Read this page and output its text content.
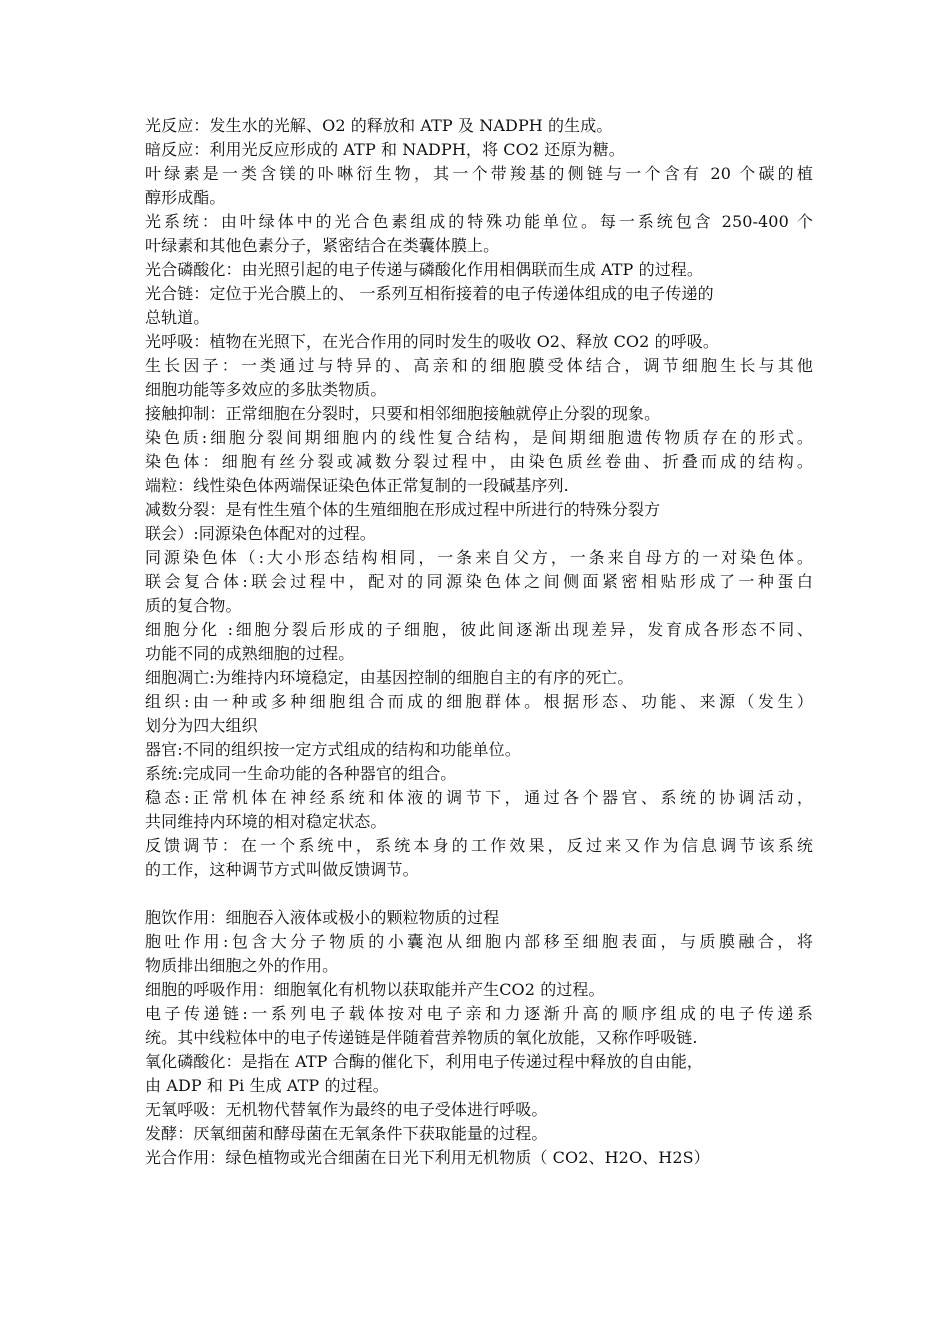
光反应：发生水的光解、O2 的释放和 ATP 及 NADPH 的生成。
暗反应：利用光反应形成的 ATP 和 NADPH，将 CO2 还原为糖。
叶绿素是一类含镁的卟啉衍生物，其一个带羧基的侧链与一个含有 20 个碳的植
醇形成酯。
光系统：由叶绿体中的光合色素组成的特殊功能单位。每一系统包含 250-400 个
叶绿素和其他色素分子，紧密结合在类囊体膜上。
光合磷酸化：由光照引起的电子传递与磷酸化作用相偶联而生成 ATP 的过程。
光合链：定位于光合膜上的、 一系列互相衔接着的电子传递体组成的电子传递的
总轨道。
光呼吸：植物在光照下，在光合作用的同时发生的吸收 O2、释放 CO2 的呼吸。
生长因子：一类通过与特异的、高亲和的细胞膜受体结合，调节细胞生长与其他
细胞功能等多效应的多肽类物质。
接触抑制：正常细胞在分裂时，只要和相邻细胞接触就停止分裂的现象。
染色质:细胞分裂间期细胞内的线性复合结构，是间期细胞遗传物质存在的形式。
染色体：细胞有丝分裂或减数分裂过程中，由染色质丝卷曲、折叠而成的结构。
端粒：线性染色体两端保证染色体正常复制的一段碱基序列.
减数分裂：是有性生殖个体的生殖细胞在形成过程中所进行的特殊分裂方
联会）:同源染色体配对的过程。
同源染色体（:大小形态结构相同，一条来自父方，一条来自母方的一对染色体。
联会复合体:联会过程中，配对的同源染色体之间侧面紧密相贴形成了一种蛋白
质的复合物。
细胞分化 :细胞分裂后形成的子细胞，彼此间逐渐出现差异，发育成各形态不同、
功能不同的成熟细胞的过程。
细胞凋亡:为维持内环境稳定，由基因控制的细胞自主的有序的死亡。
组织:由一种或多种细胞组合而成的细胞群体。根据形态、功能、来源（发生）
划分为四大组织
器官:不同的组织按一定方式组成的结构和功能单位。
系统:完成同一生命功能的各种器官的组合。
稳态:正常机体在神经系统和体液的调节下，通过各个器官、系统的协调活动，
共同维持内环境的相对稳定状态。
反馈调节：在一个系统中，系统本身的工作效果，反过来又作为信息调节该系统
的工作，这种调节方式叫做反馈调节。
胞饮作用：细胞吞入液体或极小的颗粒物质的过程
胞吐作用:包含大分子物质的小囊泡从细胞内部移至细胞表面，与质膜融合，将
物质排出细胞之外的作用。
细胞的呼吸作用：细胞氧化有机物以获取能并产生CO2 的过程。
电子传递链:一系列电子载体按对电子亲和力逐渐升高的顺序组成的电子传递系
统。其中线粒体中的电子传递链是伴随着营养物质的氧化放能，又称作呼吸链.
氧化磷酸化：是指在 ATP 合酶的催化下，利用电子传递过程中释放的自由能，
由 ADP 和 Pi 生成 ATP 的过程。
无氧呼吸：无机物代替氧作为最终的电子受体进行呼吸。
发酵：厌氧细菌和酵母菌在无氧条件下获取能量的过程。
光合作用：绿色植物或光合细菌在日光下利用无机物质（ CO2、H2O、H2S）
